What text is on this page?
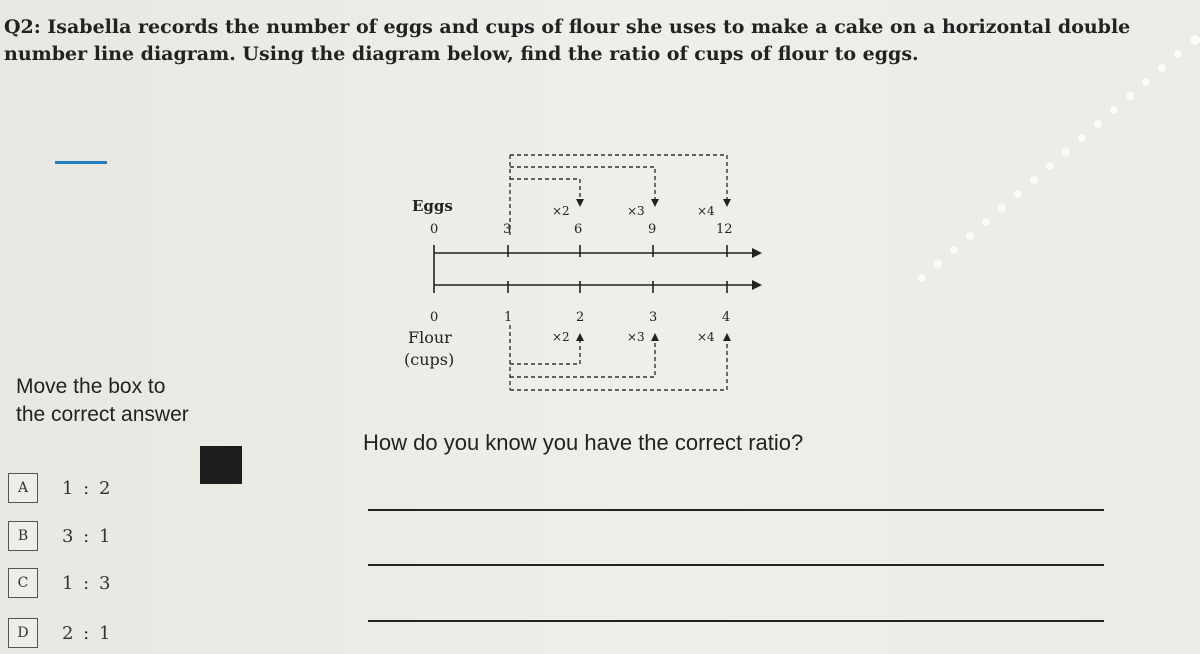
Q2: Isabella records the number of eggs and cups of flour she uses to make a cake on a horizontal double number line diagram. Using the diagram below, find the ratio of cups of flour to eggs.
Eggs
Flour
(cups)
0	3	6	9	12
0	1	2	3	4
×2	×3	×4
×2	×3	×4
Move the box to
the correct answer
A	1 : 2
B	3 : 1
C	1 : 3
D	2 : 1
How do you know you have the correct ratio?
